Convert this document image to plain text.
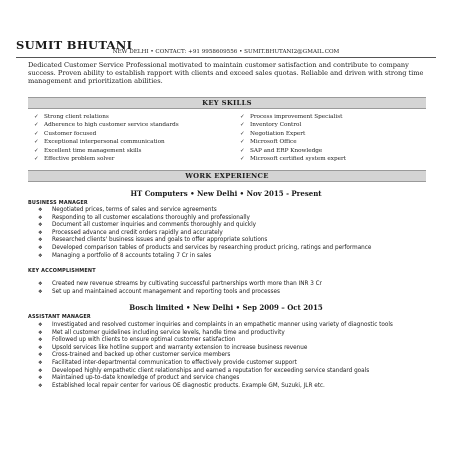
SUMIT BHUTANI
NEW DELHI • CONTACT: +91 9958609556 • SUMIT.BHUTANI2@GMAIL.COM
Dedicated Customer Service Professional motivated to maintain customer satisfaction and contribute to company success. Proven ability to establish rapport with clients and exceed sales quotas. Reliable and driven with strong time management and prioritization abilities.
KEY SKILLS
✓ Strong client relations
✓ Adherence to high customer service standards
✓ Customer focused
✓ Exceptional interpersonal communication
✓ Excellent time management skills
✓ Effective problem solver
✓ Process improvement Specialist
✓ Inventory Control
✓ Negotiation Expert
✓ Microsoft Office
✓ SAP and ERP Knowledge
✓ Microsoft certified system expert
WORK EXPERIENCE
HT Computers • New Delhi • Nov 2015 - Present
BUSINESS MANAGER
❖ Negotiated prices, terms of sales and service agreements
❖ Responding to all customer escalations thoroughly and professionally
❖ Document all customer inquiries and comments thoroughly and quickly
❖ Processed advance and credit orders rapidly and accurately
❖ Researched clients' business issues and goals to offer appropriate solutions
❖ Developed comparison tables of products and services by researching product pricing, ratings and performance
❖ Managing a portfolio of 8 accounts totaling 7 Cr in sales
KEY ACCOMPLISHMENT
❖ Created new revenue streams by cultivating successful partnerships worth more than INR 3 Cr
❖ Set up and maintained account management and reporting tools and processes
Bosch limited • New Delhi • Sep 2009 – Oct 2015
ASSISTANT MANAGER
❖ Investigated and resolved customer inquiries and complaints in an empathetic manner using variety of diagnostic tools
❖ Met all customer guidelines including service levels, handle time and productivity
❖ Followed up with clients to ensure optimal customer satisfaction
❖ Upsold services like hotline support and warranty extension to increase business revenue
❖ Cross-trained and backed up other customer service members
❖ Facilitated inter-departmental communication to effectively provide customer support
❖ Developed highly empathetic client relationships and earned a reputation for exceeding service standard goals
❖ Maintained up-to-date knowledge of product and service changes
❖ Established local repair center for various OE diagnostic products. Example GM, Suzuki, JLR etc.
